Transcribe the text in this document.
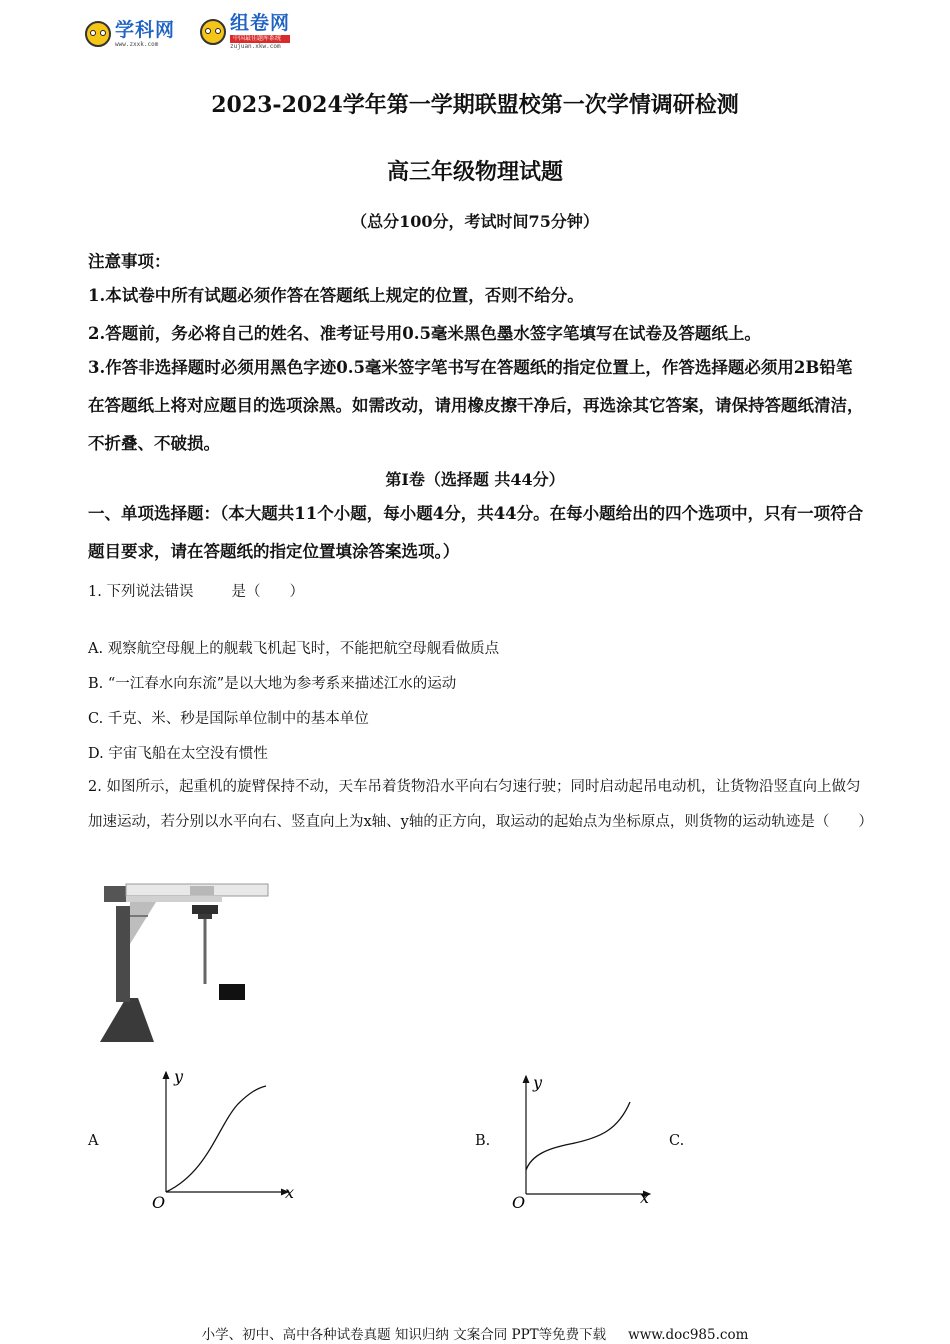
学科网
www.zxxk.com
组卷网
中国最佳题库系统
zujuan.xkw.com
2023-2024学年第一学期联盟校第一次学情调研检测
高三年级物理试题
（总分100分，考试时间75分钟）
注意事项：
1.本试卷中所有试题必须作答在答题纸上规定的位置，否则不给分。
2.答题前，务必将自己的姓名、准考证号用0.5毫米黑色墨水签字笔填写在试卷及答题纸上。
3.作答非选择题时必须用黑色字迹0.5毫米签字笔书写在答题纸的指定位置上，作答选择题必须用2B铅笔在答题纸上将对应题目的选项涂黑。如需改动，请用橡皮擦干净后，再选涂其它答案，请保持答题纸清洁，不折叠、不破损。
第I卷（选择题 共44分）
一、单项选择题：（本大题共11个小题，每小题4分，共44分。在每小题给出的四个选项中，只有一项符合题目要求，请在答题纸的指定位置填涂答案选项。）
1. 下列说法错误	是（　　）
A. 观察航空母舰上的舰载飞机起飞时，不能把航空母舰看做质点
B. “一江春水向东流”是以大地为参考系来描述江水的运动
C. 千克、米、秒是国际单位制中的基本单位
D. 宇宙飞船在太空没有惯性
2. 如图所示，起重机的旋臂保持不动，天车吊着货物沿水平向右匀速行驶；同时启动起吊电动机，让货物沿竖直向上做匀加速运动，若分别以水平向右、竖直向上为x轴、y轴的正方向，取运动的起始点为坐标原点，则货物的运动轨迹是（　　）
A
O
x
y
B.
O	x
y
C.
小学、初中、高中各种试卷真题 知识归纳 文案合同 PPT等免费下载 www.doc985.com
